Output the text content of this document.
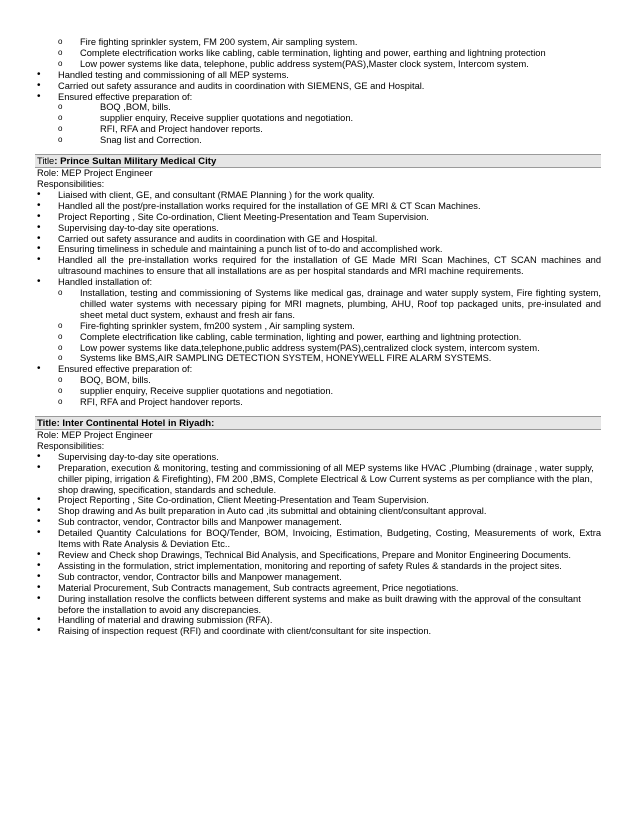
o Fire fighting sprinkler system, FM 200 system, Air sampling system.
o Complete electrification works like cabling, cable termination, lighting and power, earthing and lightning protection
o Low power systems like data, telephone, public address system(PAS),Master clock system, Intercom system.
• Handled testing and commissioning of all MEP systems.
• Carried out safety assurance and audits in coordination with SIEMENS, GE and Hospital.
• Ensured effective preparation of:
o BOQ ,BOM, bills.
o supplier enquiry, Receive supplier quotations and negotiation.
o RFI, RFA and Project handover reports.
o Snag list and Correction.
Title: Prince Sultan Military Medical City
Role: MEP Project Engineer
Responsibilities:
• Liaised with client, GE, and consultant (RMAE Planning ) for the work quality.
• Handled all the post/pre-installation works required for the installation of GE MRI & CT Scan Machines.
• Project Reporting , Site Co-ordination, Client Meeting-Presentation and Team Supervision.
• Supervising day-to-day site operations.
• Carried out safety assurance and audits in coordination with GE and Hospital.
• Ensuring timeliness in schedule and maintaining a punch list of to-do and accomplished work.
• Handled all the pre-installation works required for the installation of GE Made MRI Scan Machines, CT SCAN machines and ultrasound machines to ensure that all installations are as per hospital standards and MRI machine requirements.
• Handled installation of:
o Installation, testing and commissioning of Systems like medical gas, drainage and water supply system, Fire fighting system, chilled water systems with necessary piping for MRI magnets, plumbing, AHU, Roof top packaged units, pre-insulated and sheet metal duct system, exhaust and fresh air fans.
o Fire-fighting sprinkler system, fm200 system , Air sampling system.
o Complete electrification like cabling, cable termination, lighting and power, earthing and lightning protection.
o Low power systems like data,telephone,public address system(PAS),centralized clock system, intercom system.
o Systems like BMS,AIR SAMPLING DETECTION SYSTEM, HONEYWELL FIRE ALARM SYSTEMS.
• Ensured effective preparation of:
o BOQ, BOM, bills.
o supplier enquiry, Receive supplier quotations and negotiation.
o RFI, RFA and Project handover reports.
Title: Inter Continental Hotel in Riyadh:
Role: MEP Project Engineer
Responsibilities:
• Supervising day-to-day site operations.
• Preparation, execution & monitoring, testing and commissioning of all MEP systems like HVAC ,Plumbing (drainage , water supply, chiller piping, irrigation & Firefighting), FM 200 ,BMS, Complete Electrical & Low Current systems as per compliance with the plan, shop drawing, specification, standards and schedule.
• Project Reporting , Site Co-ordination, Client Meeting-Presentation and Team Supervision.
• Shop drawing and As built preparation in Auto cad ,its submittal and obtaining client/consultant approval.
• Sub contractor, vendor, Contractor bills and Manpower management.
• Detailed Quantity Calculations for BOQ/Tender, BOM, Invoicing, Estimation, Budgeting, Costing, Measurements of work, Extra Items with Rate Analysis & Deviation Etc..
• Review and Check shop Drawings, Technical Bid Analysis, and Specifications, Prepare and Monitor Engineering Documents.
• Assisting in the formulation, strict implementation, monitoring and reporting of safety Rules & standards in the project sites.
• Sub contractor, vendor, Contractor bills and Manpower management.
• Material Procurement, Sub Contracts management, Sub contracts agreement, Price negotiations.
• During installation resolve the conflicts between different systems and make as built drawing with the approval of the consultant before the installation to avoid any discrepancies.
• Handling of material and drawing submission (RFA).
• Raising of inspection request (RFI) and coordinate with client/consultant for site inspection.
